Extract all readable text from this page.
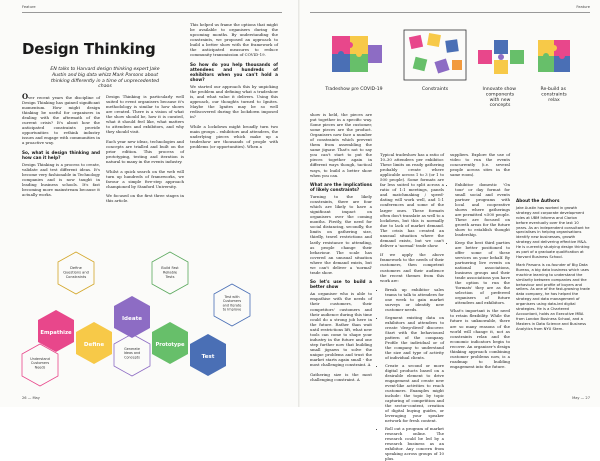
Feature
Design Thinking
EN talks to Harvard design thinking expert Jake Austin and big data whizz Mark Parsons about thinking differently in a time of unprecedented chaos

Over recent years the discipline of Design Thinking has gained significant momentum. How might design thinking be useful for organisers in dealing with the aftermath of the current crisis? It's about how the anticipated constraints provide opportunities to rethink industry issues and engage with communities in a proactive way.

So, what is design thinking and how can it help?

Design Thinking is a process to create, validate and test different ideas. It's become very fashionable in Technology companies and is now taught in leading business schools. It's fast becoming more mainstream because it actually works.

Design Thinking is particularly well suited to event organisers because it's methodology is similar to how shows are created. There is a vision of what the show should be, how it is curated, what it should feel like, what matters to attendees and exhibitors, and why they should visit.

Each year new ideas, technologies and concepts are trialled and built on the prior edition. This process of prototyping, testing and iteration is natural to many in the events industry.

Whilst a quick search on the web will turn up hundreds of frameworks, we favour a simple five-step approach championed by Stanford University.

We focused on the first three stages in this article.

This helped us frame the options that might be available to organisers during the upcoming months. By understanding the constraints, we proposed an approach to build a better show with the framework of the anticipated measures to reduce community transmission of COVID-19.

So how do you help thousands of attendees and hundreds of exhibitors when you can't hold a show?

We started our approach this by unpicking the problem and defining what a tradeshow is, and what value it delivers. Using this approach, our thoughts turned to Ignites. Maybe the Ignites may be so well rediscovered during the lockdown imposed in?

While a lockdown might broadly turn two main groups – exhibitors and attendees, the underlying pieces which make up a tradeshow are thousands of people with problems (or opportunities). When a

Empathize
Define
Ideate
Prototype
Test
Define Questions and Constraints
Build Fast Reliable Tests
Test with Customers and Iterate to Improve
Understand Customers Needs
Generate Ideas and Concepts
26 — May
Feature
May — 27
Tradeshow pre COVID-19	Constraints	Innovate show components with new concepts
Re-build as constraints relax

show is held, the pieces are put together in a specific way. Some pieces are the customer, some pieces are the product. Organisers now face a number of constraints which prevent them from assembling the same jigsaw. That's not to say you can't start to put the pieces together again in different ways though, tactical ways, to build a better show when you can.

What are the implications of likely constraints?

Turning to the likely constraints, there are four which are likely to have a significant impact on organisers over the coming months. Firstly, the need for social distancing, secondly, the limits on gathering size, thirdly, travel restrictions and lastly resistance to attending, as people change their behaviour. The scale has covered an unusual situation where the demand exists, but we can't deliver a 'normal' trade show.

So let's use to build a better show

An organiser who is able to empathise with the needs of their customers, their competitors' customers and their audience during this time could do a strong job here in the future. Rather than wait until restrictions lift, what new tools can come to shape your industry in the future and one step further now that building small jigsaws to solve the unique problems and trust the market starts again small - the most challenging constraint. A

Gathering size is the most challenging constraint. A

Typical tradeshow has a ratio of 10–30 attendees per exhibitor. These limits on ready gathering probably create where applicable across 1 to 3 (or 1 to 500 people). Some formats are far less suited to split across a ratio of 1:1 meetings, panels and matchmaking / speed-dating will work well, and 1:1 conferences and some of the larger ones. These formats often don't translate as well to a lockdown, but this is normally due to lack of market demand. The crisis has created an unusual situation where the demand exists, but we can't deliver a 'normal' trade show.

If we apply the above framework to the needs of their customers, then competent customers and their audience the recent themes from this work are:

• Break up exhibitor sales teams to talk to attendees for one week to gain market surveys or identify new customer needs.
• Segment existing data on exhibitors and attendees to create 'deep-dived' discover. Start with the behavioural pattern of the company. Profile the individual or of the company to understand the size and type of activity of individual clients.
• Create a second or more digital products based on a desirable element to drive engagement and create new event-like activities to reach customers. Examples might include: the topic by topic capturing of competition and the sector-content, creation of digital buying guides, or leveraging your speaker network for fresh content.
• Roll out a program of market research online. The research could be led by a research business as an exhibitor. Any concern from speaking across groups of 10 plus.

suppliers. Explore the use of video to run the events concurrently (i.e. several people across sites in the same room).

• Exhibitor domestic 'On tour' or day format for small social and events partner programs with local and cooperative shows where gatherings are permitted <500 people. These are focused on growth areas for the future show to establish thought leadership.
• Keep the best third parties are better positioned to offer some of these services on your behalf. By partnering live events on national associations, business groups and their trade associations you have the option to run the 'formats' they are as the selection of preferred organisers of future attendees and exhibitors.

What's important is the need to retain flexibility. While the future is unknowable, there are so many reasons of the world will change it, not as constraints relax and the economic indicators begin to recover. An organiser's design thinking approach combining customer problems now, is a roadmap to building engagement into the future.

About the Authors

Jake Austin has worked in growth strategy and corporate development roles at UBM Informa and Clarion before eventually over the last 10 years. As an independent consultant he specialises in helping organisations identify new businesses, growth strategy and delivering effective M&A. He is currently studying design thinking as part of a graduate qualification at Harvard Business School.

Mark Parsons is co-founder of Big Data Bureau, a big data business which uses machine learning to understand the similarity between companies and the behaviour and profile of buyers and sellers. As one of the fast-growing trade data company, he has helped the strategy and data management of organisers using data-led digital strategies. He is a Chartered Accountant, holds an Executive MBA from London Business School, and a Masters in Data Science and Business Analytics from NYU Stern.
